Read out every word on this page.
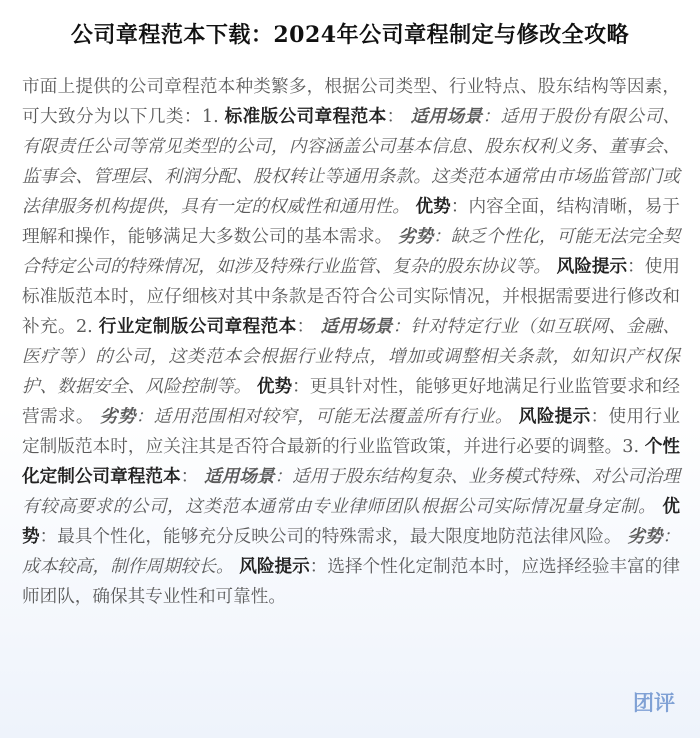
公司章程范本下载：2024年公司章程制定与修改全攻略
市面上提供的公司章程范本种类繁多，根据公司类型、行业特点、股东结构等因素，可大致分为以下几类：1. 标准版公司章程范本： 适用场景：适用于股份有限公司、有限责任公司等常见类型的公司，内容涵盖公司基本信息、股东权利义务、董事会、监事会、管理层、利润分配、股权转让等通用条款。这类范本通常由市场监管部门或法律服务机构提供，具有一定的权威性和通用性。 优势：内容全面，结构清晰，易于理解和操作，能够满足大多数公司的基本需求。 劣势：缺乏个性化，可能无法完全契合特定公司的特殊情况，如涉及特殊行业监管、复杂的股东协议等。 风险提示：使用标准版范本时，应仔细核对其中条款是否符合公司实际情况，并根据需要进行修改和补充。2. 行业定制版公司章程范本： 适用场景：针对特定行业（如互联网、金融、医疗等）的公司，这类范本会根据行业特点，增加或调整相关条款，如知识产权保护、数据安全、风险控制等。 优势：更具针对性，能够更好地满足行业监管要求和经营需求。 劣势：适用范围相对较窄，可能无法覆盖所有行业。 风险提示：使用行业定制版范本时，应关注其是否符合最新的行业监管政策，并进行必要的调整。3. 个性化定制公司章程范本： 适用场景：适用于股东结构复杂、业务模式特殊、对公司治理有较高要求的公司，这类范本通常由专业律师团队根据公司实际情况量身定制。 优势：最具个性化，能够充分反映公司的特殊需求，最大限度地防范法律风险。 劣势：成本较高，制作周期较长。 风险提示：选择个性化定制范本时，应选择经验丰富的律师团队，确保其专业性和可靠性。
团评
